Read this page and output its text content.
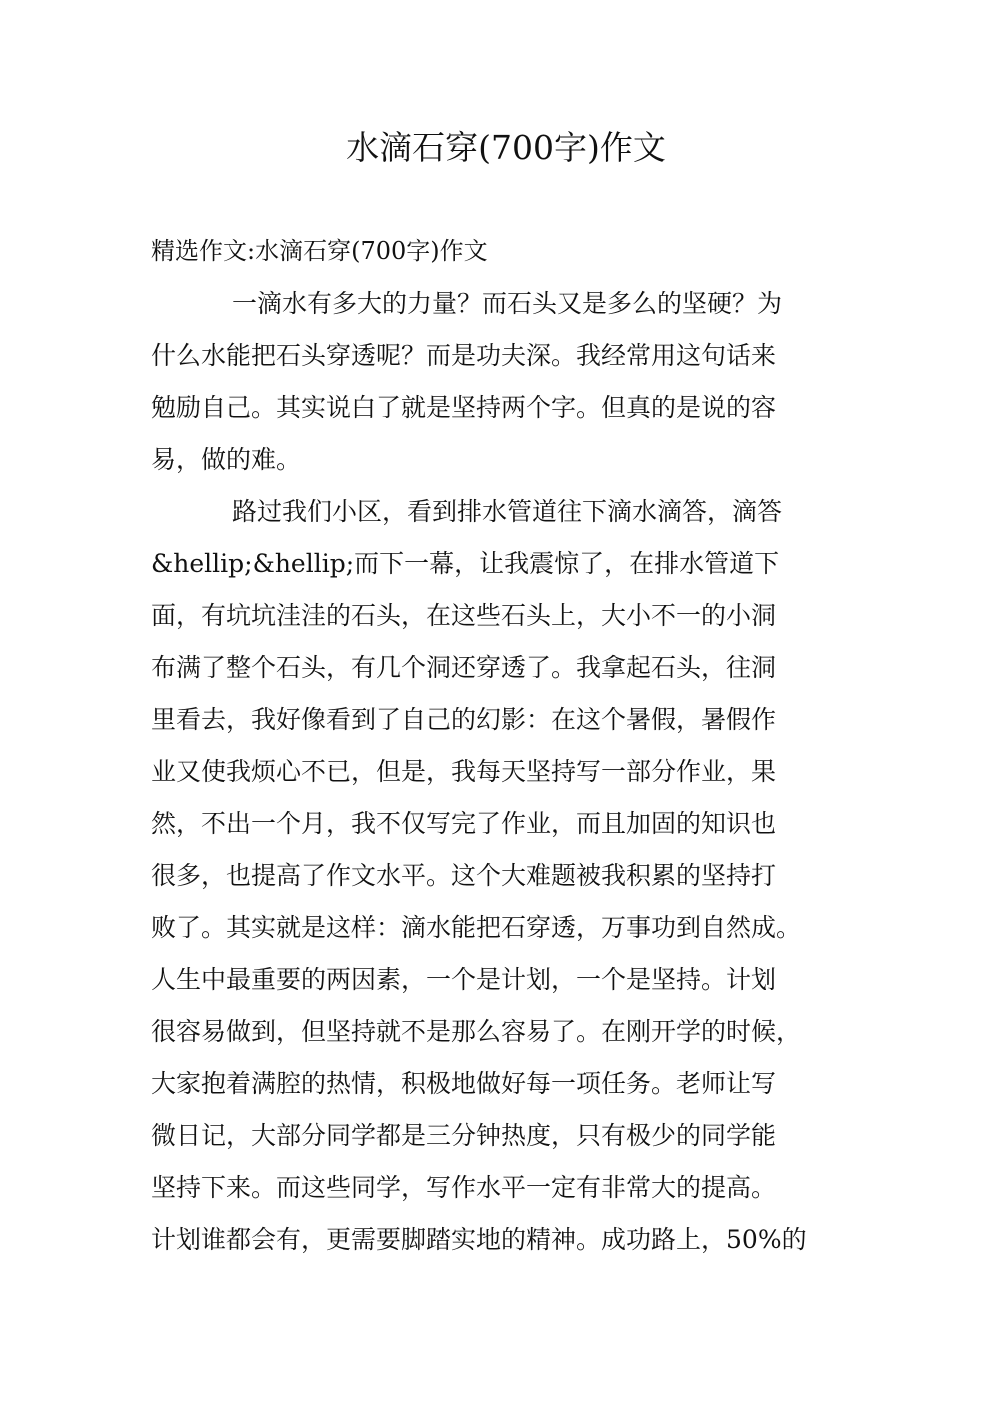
水滴石穿(700字)作文

精选作文:水滴石穿(700字)作文

一滴水有多大的力量？而石头又是多么的坚硬？为

什么水能把石头穿透呢？而是功夫深。我经常用这句话来

勉励自己。其实说白了就是坚持两个字。但真的是说的容

易，做的难。

路过我们小区，看到排水管道往下滴水滴答，滴答

&hellip;&hellip;而下一幕，让我震惊了，在排水管道下

面，有坑坑洼洼的石头，在这些石头上，大小不一的小洞

布满了整个石头，有几个洞还穿透了。我拿起石头，往洞

里看去，我好像看到了自己的幻影：在这个暑假，暑假作

业又使我烦心不已，但是，我每天坚持写一部分作业，果

然，不出一个月，我不仅写完了作业，而且加固的知识也

很多，也提高了作文水平。这个大难题被我积累的坚持打

败了。其实就是这样：滴水能把石穿透，万事功到自然成。

人生中最重要的两因素，一个是计划，一个是坚持。计划

很容易做到，但坚持就不是那么容易了。在刚开学的时候，

大家抱着满腔的热情，积极地做好每一项任务。老师让写

微日记，大部分同学都是三分钟热度，只有极少的同学能

坚持下来。而这些同学，写作水平一定有非常大的提高。

计划谁都会有，更需要脚踏实地的精神。成功路上，50%的
